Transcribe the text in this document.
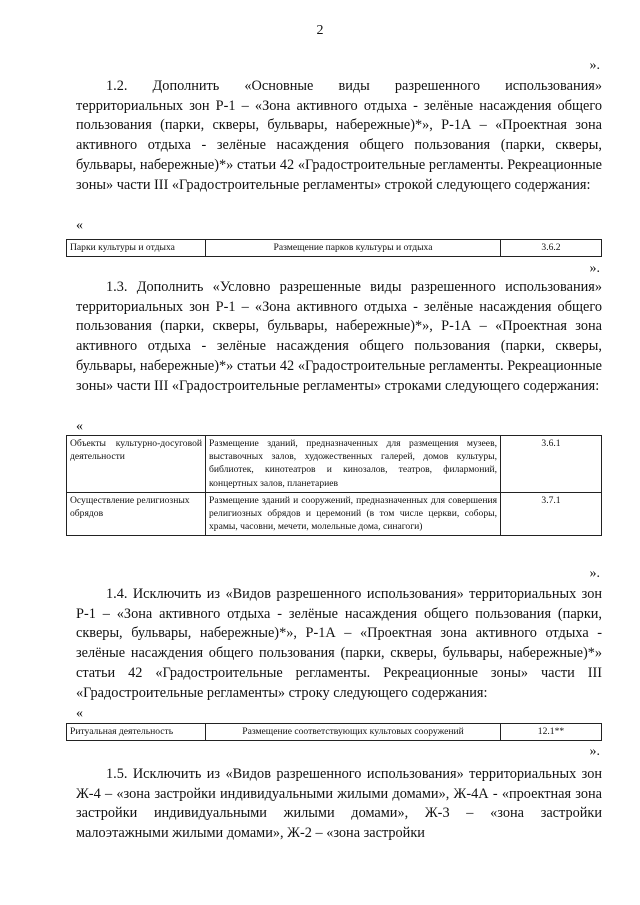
2
».

1.2. Дополнить «Основные виды разрешенного использования» территориальных зон Р-1 – «Зона активного отдыха - зелёные насаждения общего пользования (парки, скверы, бульвары, набережные)*», Р-1А – «Проектная зона активного отдыха - зелёные насаждения общего пользования (парки, скверы, бульвары, набережные)*» статьи 42 «Градостроительные регламенты. Рекреационные зоны» части III «Градостроительные регламенты» строкой следующего содержания:

«
Парки культуры и отдыха	Размещение парков культуры и отдыха	3.6.2
».

1.3. Дополнить «Условно разрешенные виды разрешенного использования» территориальных зон Р-1 – «Зона активного отдыха - зелёные насаждения общего пользования (парки, скверы, бульвары, набережные)*», Р-1А – «Проектная зона активного отдыха - зелёные насаждения общего пользования (парки, скверы, бульвары, набережные)*» статьи 42 «Градостроительные регламенты. Рекреационные зоны» части III «Градостроительные регламенты» строками следующего содержания:

«
Объекты культурно-досуговой деятельности	Размещение зданий, предназначенных для размещения музеев, выставочных залов, художественных галерей, домов культуры, библиотек, кинотеатров и кинозалов, театров, филармоний, концертных залов, планетариев	3.6.1
Осуществление религиозных обрядов	Размещение зданий и сооружений, предназначенных для совершения религиозных обрядов и церемоний (в том числе церкви, соборы, храмы, часовни, мечети, молельные дома, синагоги)	3.7.1
».

1.4. Исключить из «Видов разрешенного использования» территориальных зон Р-1 – «Зона активного отдыха - зелёные насаждения общего пользования (парки, скверы, бульвары, набережные)*», Р-1А – «Проектная зона активного отдыха - зелёные насаждения общего пользования (парки, скверы, бульвары, набережные)*» статьи 42 «Градостроительные регламенты. Рекреационные зоны» части III «Градостроительные регламенты» строку следующего содержания:

«
Ритуальная деятельность	Размещение соответствующих культовых сооружений	12.1**
».

1.5. Исключить из «Видов разрешенного использования» территориальных зон Ж-4 – «зона застройки индивидуальными жилыми домами», Ж-4А - «проектная зона застройки индивидуальными жилыми домами», Ж-3 – «зона застройки малоэтажными жилыми домами», Ж-2 – «зона застройки
